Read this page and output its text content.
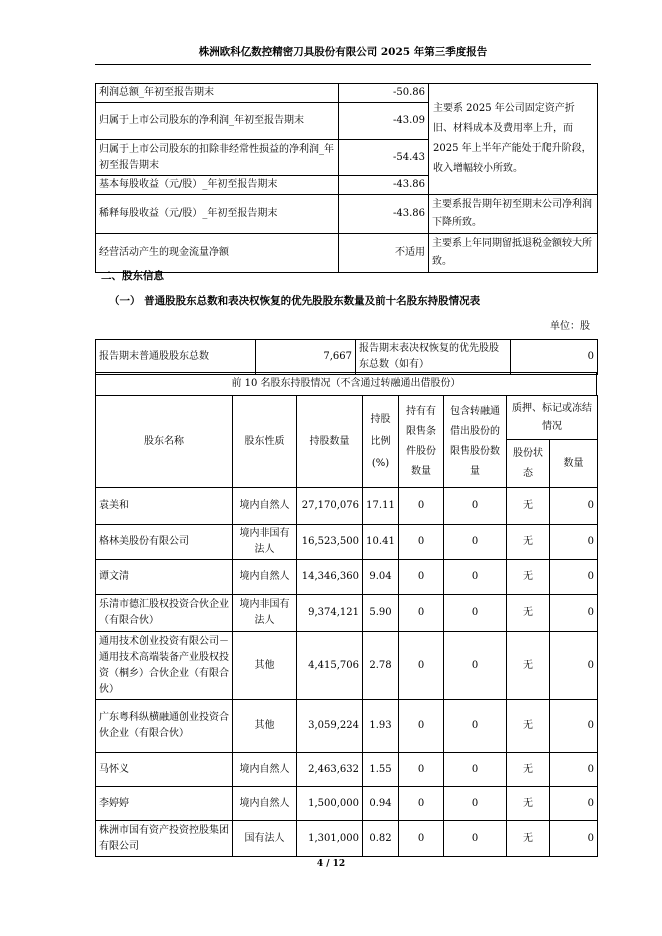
株洲欧科亿数控精密刀具股份有限公司 2025 年第三季度报告
利润总额_年初至报告期末	-50.86	主要系 2025 年公司固定资产折旧、材料成本及费用率上升，而 2025 年上半年产能处于爬升阶段，收入增幅较小所致。
归属于上市公司股东的净利润_年初至报告期末	-43.09	
归属于上市公司股东的扣除非经常性损益的净利润_年初至报告期末	-54.43	
基本每股收益（元/股）_年初至报告期末	-43.86	
稀释每股收益（元/股）_年初至报告期末	-43.86	主要系报告期年初至期末公司净利润下降所致。
经营活动产生的现金流量净额	不适用	主要系上年同期留抵退税金额较大所致。
二、股东信息
（一） 普通股股东总数和表决权恢复的优先股股东数量及前十名股东持股情况表
单位：股
报告期末普通股股东总数	7,667	报告期末表决权恢复的优先股股东总数（如有）	0
前 10 名股东持股情况（不含通过转融通出借股份）
股东名称	股东性质	持股数量	持股比例(%)	持有有限售条件股份数量	包含转融通借出股份的限售股份数量	质押、标记或冻结情况	
						股份状态	数量
袁美和	境内自然人	27,170,076	17.11	0	0	无	0
格林美股份有限公司	境内非国有法人	16,523,500	10.41	0	0	无	0
谭文清	境内自然人	14,346,360	9.04	0	0	无	0
乐清市德汇股权投资合伙企业（有限合伙）	境内非国有法人	9,374,121	5.90	0	0	无	0
通用技术创业投资有限公司－通用技术高端装备产业股权投资（桐乡）合伙企业（有限合伙）	其他	4,415,706	2.78	0	0	无	0
广东粤科纵横融通创业投资合伙企业（有限合伙）	其他	3,059,224	1.93	0	0	无	0
马怀义	境内自然人	2,463,632	1.55	0	0	无	0
李婷婷	境内自然人	1,500,000	0.94	0	0	无	0
株洲市国有资产投资控股集团有限公司	国有法人	1,301,000	0.82	0	0	无	0
4 / 12
